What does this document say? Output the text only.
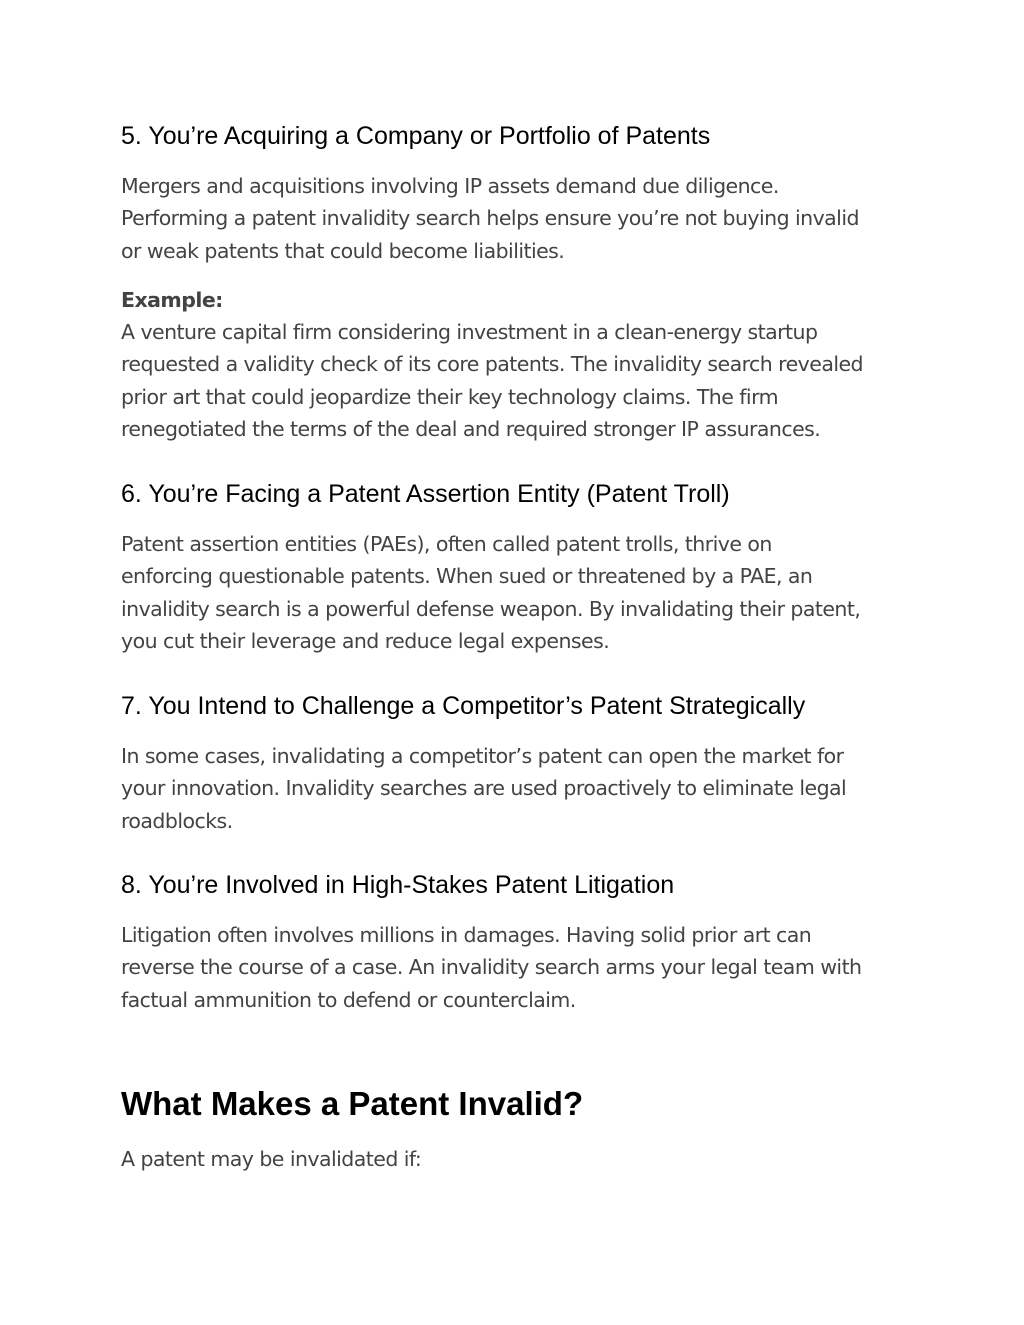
5. You’re Acquiring a Company or Portfolio of Patents
Mergers and acquisitions involving IP assets demand due diligence.
Performing a patent invalidity search helps ensure you’re not buying invalid
or weak patents that could become liabilities.
Example:
A venture capital firm considering investment in a clean-energy startup
requested a validity check of its core patents. The invalidity search revealed
prior art that could jeopardize their key technology claims. The firm
renegotiated the terms of the deal and required stronger IP assurances.
6. You’re Facing a Patent Assertion Entity (Patent Troll)
Patent assertion entities (PAEs), often called patent trolls, thrive on
enforcing questionable patents. When sued or threatened by a PAE, an
invalidity search is a powerful defense weapon. By invalidating their patent,
you cut their leverage and reduce legal expenses.
7. You Intend to Challenge a Competitor’s Patent Strategically
In some cases, invalidating a competitor’s patent can open the market for
your innovation. Invalidity searches are used proactively to eliminate legal
roadblocks.
8. You’re Involved in High-Stakes Patent Litigation
Litigation often involves millions in damages. Having solid prior art can
reverse the course of a case. An invalidity search arms your legal team with
factual ammunition to defend or counterclaim.
What Makes a Patent Invalid?
A patent may be invalidated if:
